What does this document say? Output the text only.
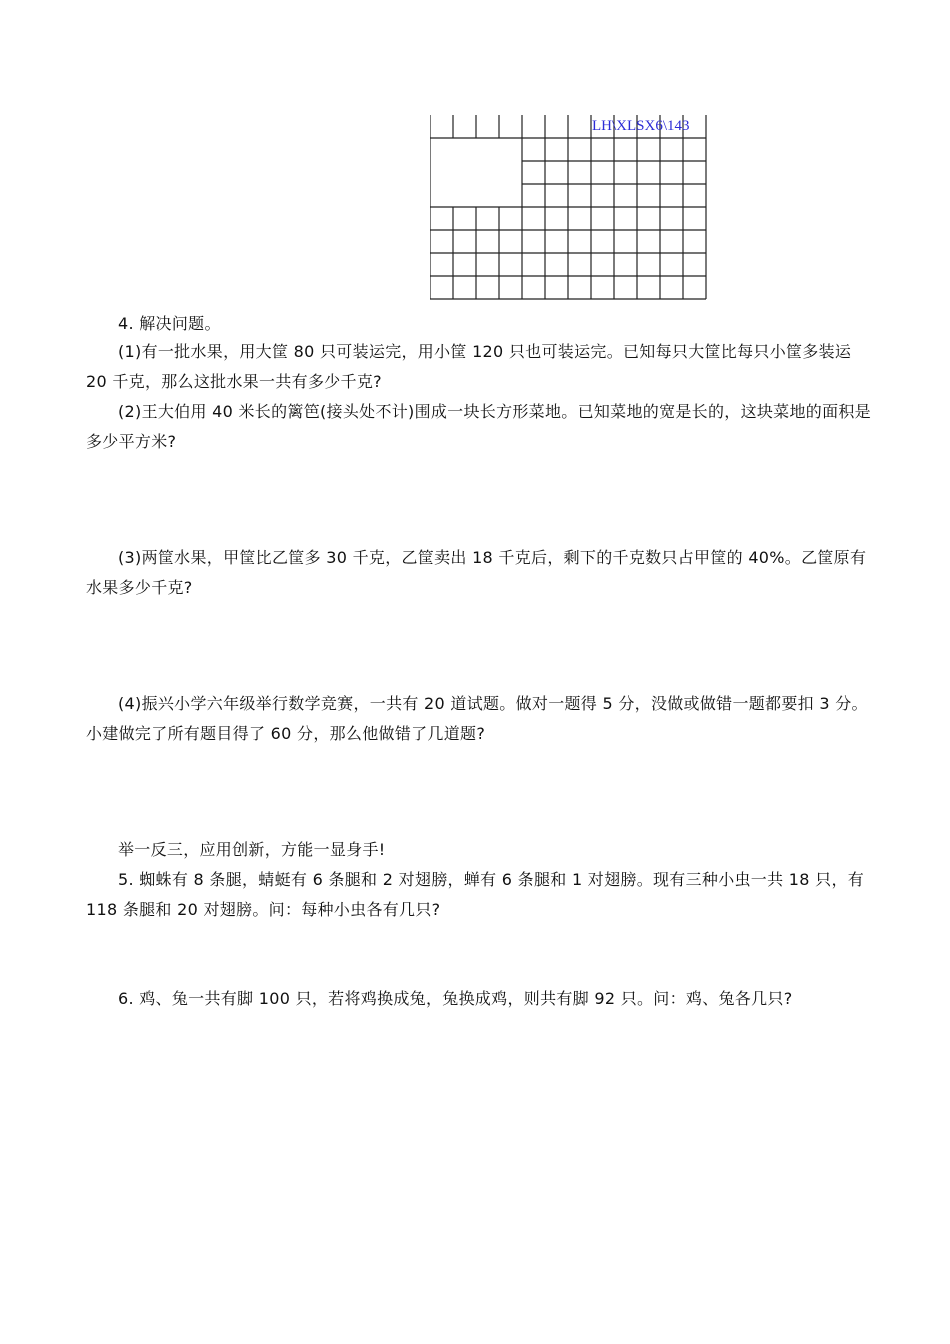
LH\XLSX6\143
4. 解决问题。
(1)有一批水果，用大筐 80 只可装运完，用小筐 120 只也可装运完。已知每只大筐比每只小筐多装运 20 千克，那么这批水果一共有多少千克?
(2)王大伯用 40 米长的篱笆(接头处不计)围成一块长方形菜地。已知菜地的宽是长的，这块菜地的面积是多少平方米?
(3)两筐水果，甲筐比乙筐多 30 千克，乙筐卖出 18 千克后，剩下的千克数只占甲筐的 40%。乙筐原有水果多少千克?
(4)振兴小学六年级举行数学竞赛，一共有 20 道试题。做对一题得 5 分，没做或做错一题都要扣 3 分。小建做完了所有题目得了 60 分，那么他做错了几道题?
举一反三，应用创新，方能一显身手!
5. 蜘蛛有 8 条腿，蜻蜓有 6 条腿和 2 对翅膀，蝉有 6 条腿和 1 对翅膀。现有三种小虫一共 18 只，有 118 条腿和 20 对翅膀。问：每种小虫各有几只?
6. 鸡、兔一共有脚 100 只，若将鸡换成兔，兔换成鸡，则共有脚 92 只。问：鸡、兔各几只?
